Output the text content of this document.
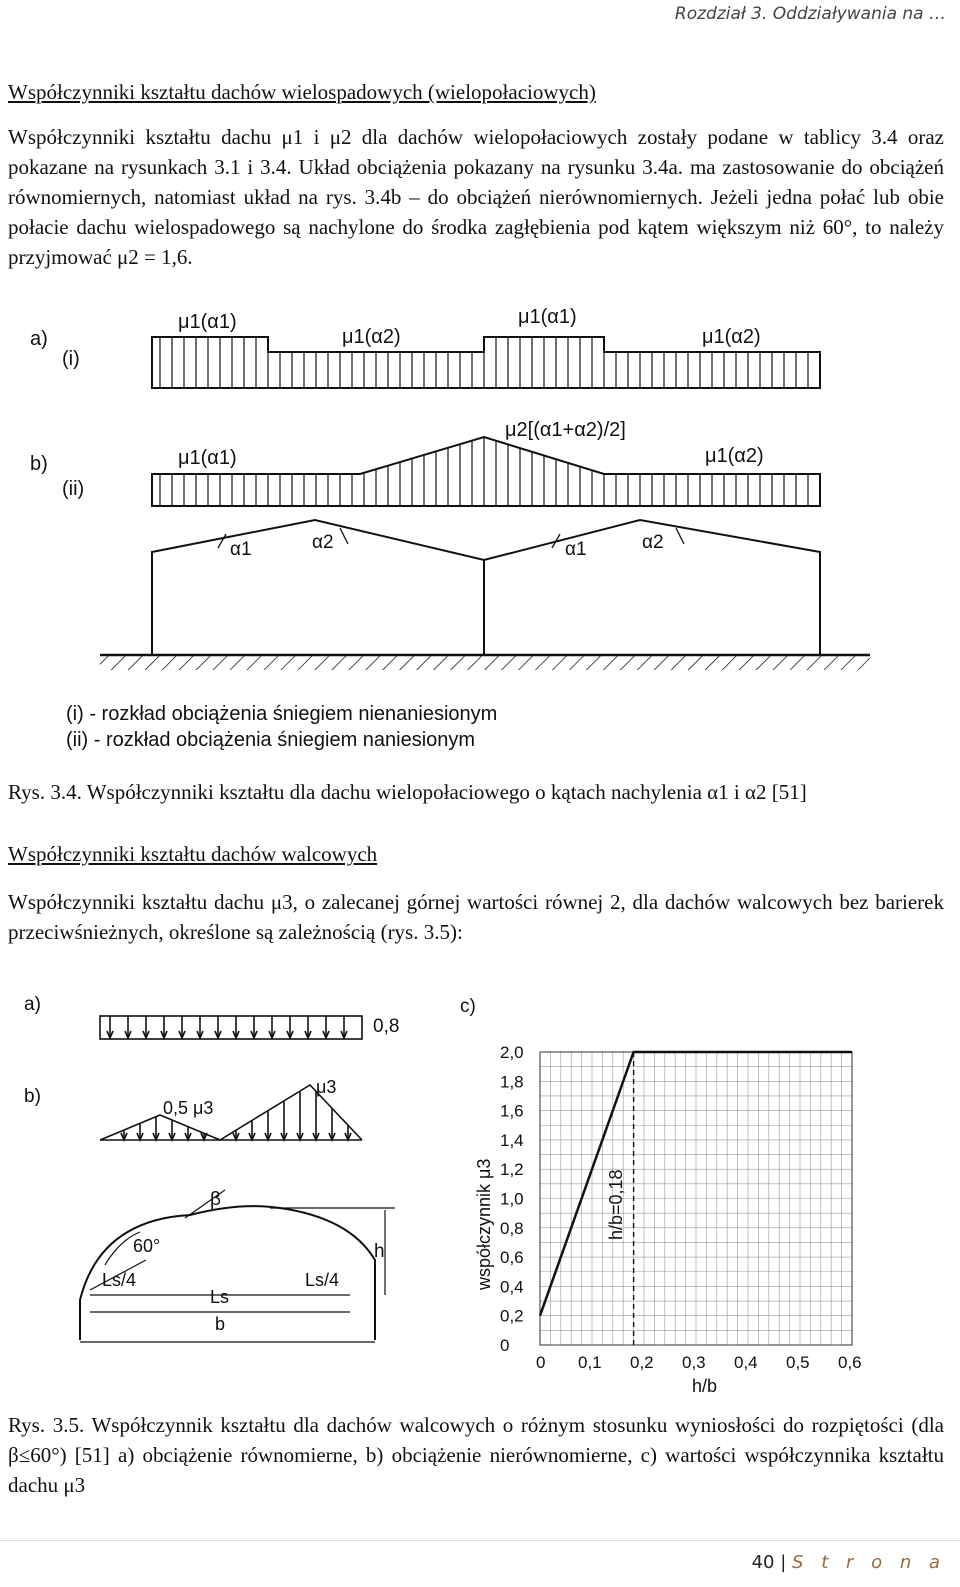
Rozdział 3. Oddziaływania na …
Współczynniki kształtu dachów wielospadowych (wielopołaciowych)

Współczynniki kształtu dachu μ1 i μ2 dla dachów wielopołaciowych zostały podane w tablicy 3.4 oraz pokazane na rysunkach 3.1 i 3.4. Układ obciążenia pokazany na rysunku 3.4a. ma zastosowanie do obciążeń równomiernych, natomiast układ na rys. 3.4b – do obciążeń nierównomiernych. Jeżeli jedna połać lub obie połacie dachu wielospadowego są nachylone do środka zagłębienia pod kątem większym niż 60°, to należy przyjmować μ2 = 1,6.

a)
(i)
b)
(ii)
μ1(α1)
μ1(α2)
μ1(α1)
μ1(α2)
μ1(α1)
μ2[(α1+α2)/2]
μ1(α2)
α1	α2	α1	α2
(i) - rozkład obciążenia śniegiem nienaniesionym
(ii) - rozkład obciążenia śniegiem naniesionym

Rys. 3.4. Współczynniki kształtu dla dachu wielopołaciowego o kątach nachylenia α1 i α2 [51]

Współczynniki kształtu dachów walcowych

Współczynniki kształtu dachu μ3, o zalecanej górnej wartości równej 2, dla dachów walcowych bez barierek przeciwśnieżnych, określone są zależnością (rys. 3.5):

a)
b)
c)
0,8
0,5 μ3
μ3
β
60°	h
Ls/4	Ls/4
Ls
b
0
0,2
0,4
0,6
0,8
1,0
1,2
1,4
1,6
1,8
2,0
0 0,1 0,2 0,3 0,4 0,5 0,6
h/b
współczynnik μ3	h/b=0,18

Rys. 3.5. Współczynnik kształtu dla dachów walcowych o różnym stosunku wyniosłości do rozpiętości (dla β≤60°) [51] a) obciążenie równomierne, b) obciążenie nierównomierne, c) wartości współczynnika kształtu dachu μ3

40 | S t r o n a
